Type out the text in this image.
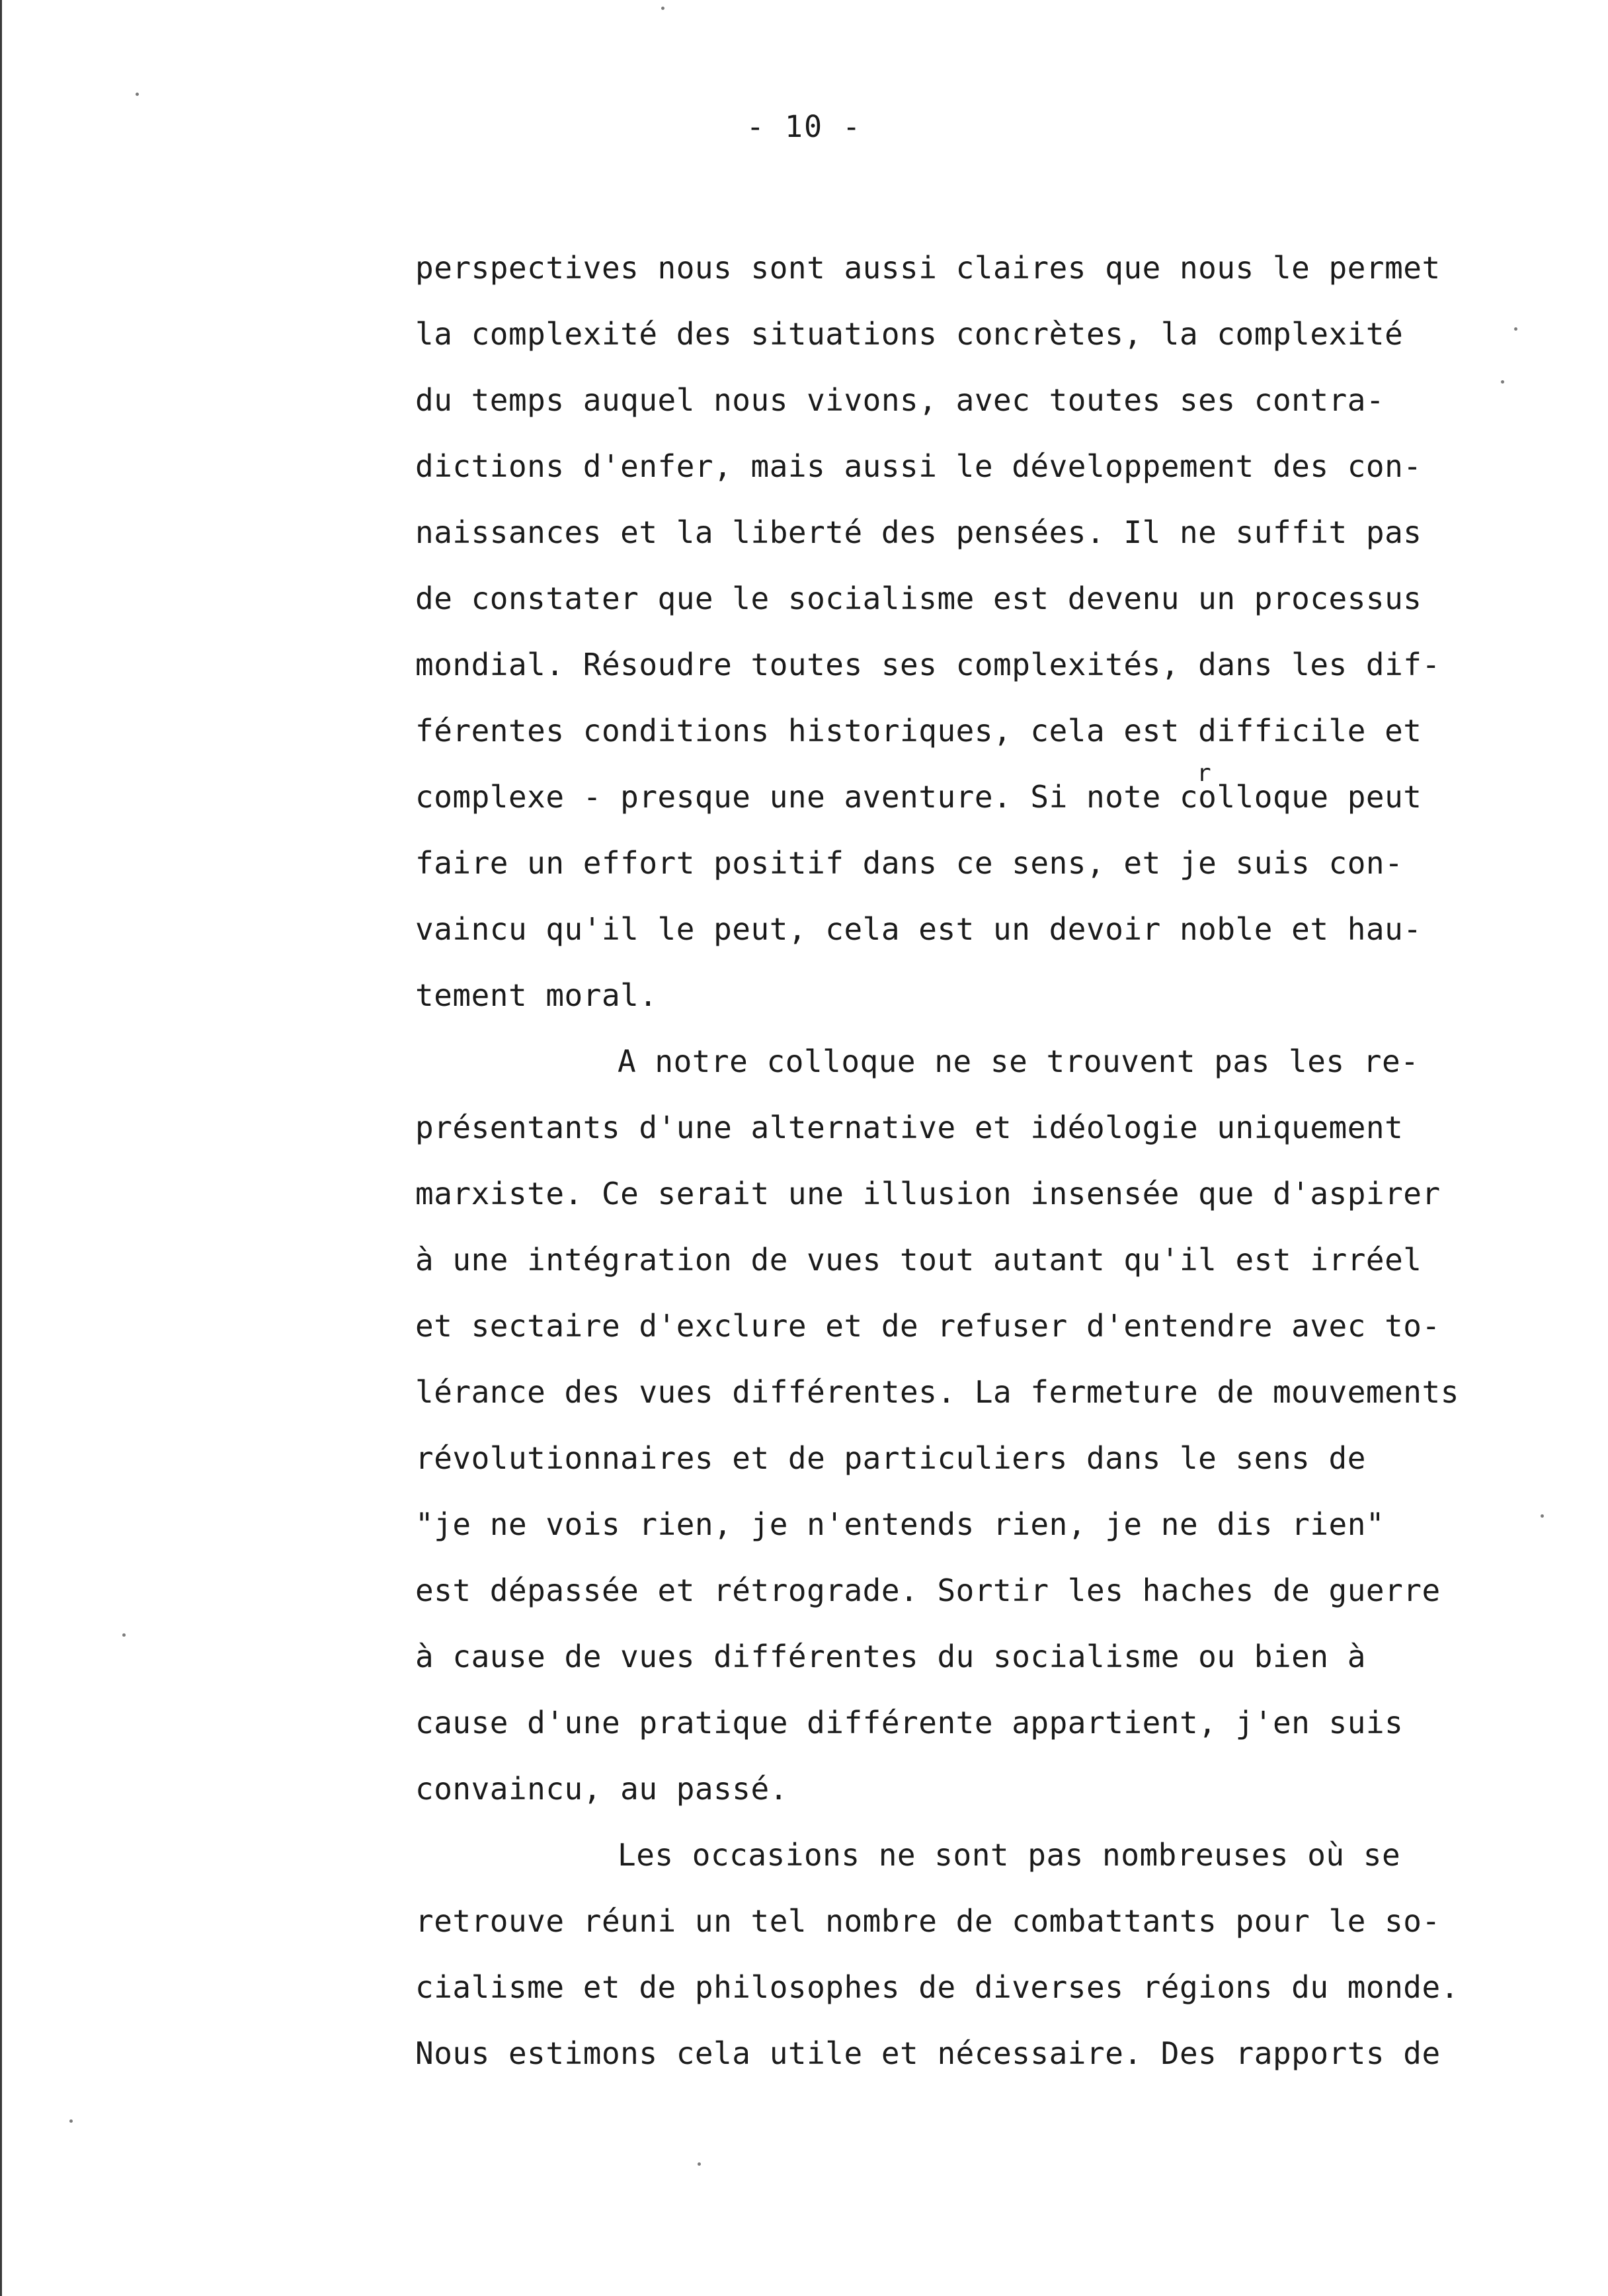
- 10 -
r
perspectives nous sont aussi claires que nous le permet
la complexité des situations concrètes, la complexité
du temps auquel nous vivons, avec toutes ses contra-
dictions d'enfer, mais aussi le développement des con-
naissances et la liberté des pensées. Il ne suffit pas
de constater que le socialisme est devenu un processus
mondial. Résoudre toutes ses complexités, dans les dif-
férentes conditions historiques, cela est difficile et
complexe - presque une aventure. Si note colloque peut
faire un effort positif dans ce sens, et je suis con-
vaincu qu'il le peut, cela est un devoir noble et hau-
tement moral.
A notre colloque ne se trouvent pas les re-
présentants d'une alternative et idéologie uniquement
marxiste. Ce serait une illusion insensée que d'aspirer
à une intégration de vues tout autant qu'il est irréel
et sectaire d'exclure et de refuser d'entendre avec to-
lérance des vues différentes. La fermeture de mouvements
révolutionnaires et de particuliers dans le sens de
"je ne vois rien, je n'entends rien, je ne dis rien"
est dépassée et rétrograde. Sortir les haches de guerre
à cause de vues différentes du socialisme ou bien à
cause d'une pratique différente appartient, j'en suis
convaincu, au passé.
Les occasions ne sont pas nombreuses où se
retrouve réuni un tel nombre de combattants pour le so-
cialisme et de philosophes de diverses régions du monde.
Nous estimons cela utile et nécessaire. Des rapports de
